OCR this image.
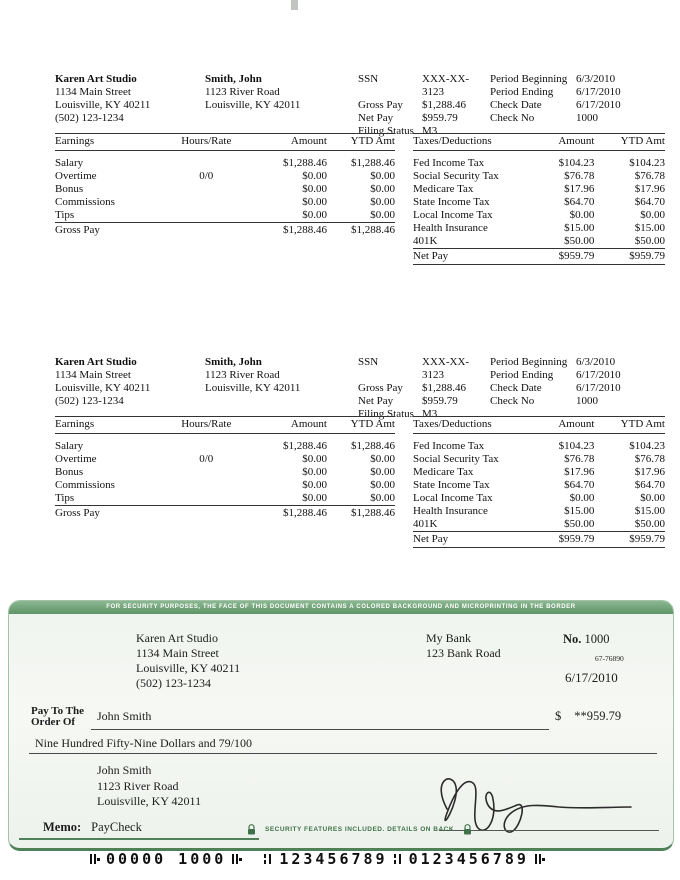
Karen Art Studio
1134 Main Street
Louisville, KY 40211
(502) 123-1234
Smith, John
1123 River Road
Louisville, KY 42011
SSN	XXX-XX-3123
Gross Pay	$1,288.46
Net Pay	$959.79
Filing Status M3
Period Beginning 6/3/2010
Period Ending	6/17/2010
Check Date	6/17/2010
Check No	1000
Earnings	Hours/Rate	Amount	YTD Amt
Salary	$1,288.46	$1,288.46
Overtime	0/0	$0.00	$0.00
Bonus	$0.00	$0.00
Commissions	$0.00	$0.00
Tips	$0.00	$0.00
Gross Pay	$1,288.46	$1,288.46
Taxes/Deductions	Amount	YTD Amt
Fed Income Tax	$104.23	$104.23
Social Security Tax	$76.78	$76.78
Medicare Tax	$17.96	$17.96
State Income Tax	$64.70	$64.70
Local Income Tax	$0.00	$0.00
Health Insurance	$15.00	$15.00
401K	$50.00	$50.00
Net Pay	$959.79	$959.79
Karen Art Studio
1134 Main Street
Louisville, KY 40211
(502) 123-1234
Smith, John
1123 River Road
Louisville, KY 42011
SSN	XXX-XX-3123
Gross Pay	$1,288.46
Net Pay	$959.79
Filing Status M3
Period Beginning 6/3/2010
Period Ending	6/17/2010
Check Date	6/17/2010
Check No	1000
Earnings	Hours/Rate	Amount	YTD Amt
Salary	$1,288.46	$1,288.46
Overtime	0/0	$0.00	$0.00
Bonus	$0.00	$0.00
Commissions	$0.00	$0.00
Tips	$0.00	$0.00
Gross Pay	$1,288.46	$1,288.46
Taxes/Deductions	Amount	YTD Amt
Fed Income Tax	$104.23	$104.23
Social Security Tax	$76.78	$76.78
Medicare Tax	$17.96	$17.96
State Income Tax	$64.70	$64.70
Local Income Tax	$0.00	$0.00
Health Insurance	$15.00	$15.00
401K	$50.00	$50.00
Net Pay	$959.79	$959.79
FOR SECURITY PURPOSES, THE FACE OF THIS DOCUMENT CONTAINS A COLORED BACKGROUND AND MICROPRINTING IN THE BORDER
Karen Art Studio
1134 Main Street
Louisville, KY 40211
(502) 123-1234
My Bank
123 Bank Road
No. 1000
67-76890
6/17/2010
Pay To The
Order Of	John Smith	$ **959.79
Nine Hundred Fifty-Nine Dollars and 79/100
John Smith
1123 River Road
Louisville, KY 42011
Memo: PayCheck	SECURITY FEATURES INCLUDED. DETAILS ON BACK
00000 1000	123456789 0123456789
